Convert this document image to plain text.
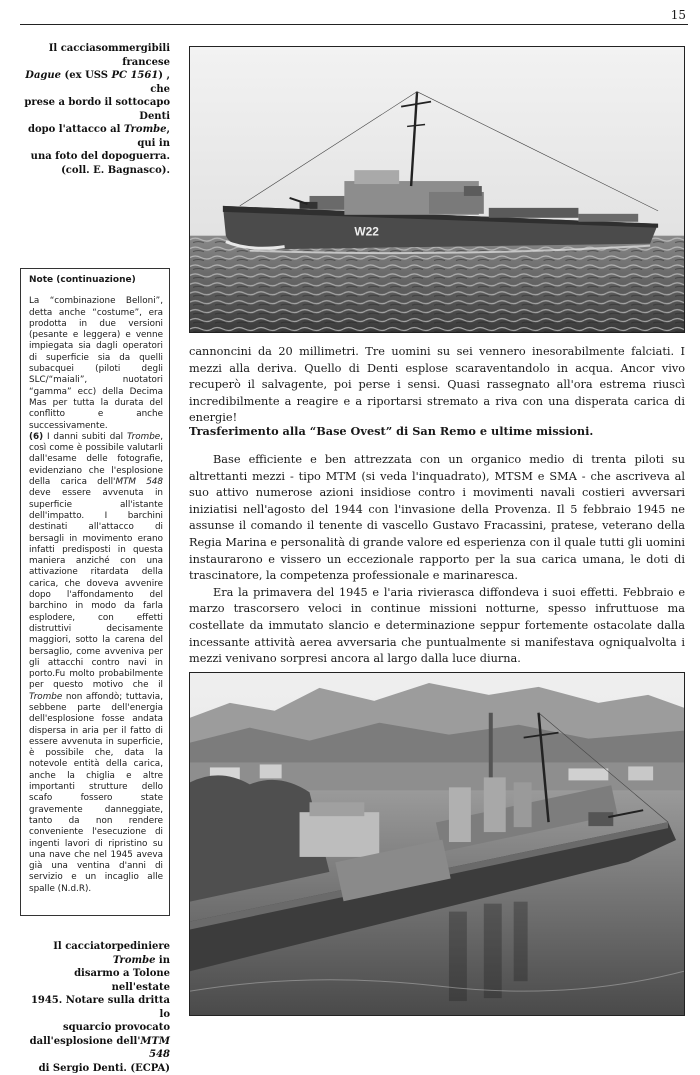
15
Il cacciasommergibili francese
Dague (ex USS PC 1561) , che
prese a bordo il sottocapo Denti
dopo l'attacco al Trombe, qui in
una foto del dopoguerra.
(coll. E. Bagnasco).
Note (continuazione)

La “combinazione Belloni”, detta anche “costume”, era prodotta in due versioni (pesante e leggera) e venne impiegata sia dagli operatori di superficie sia da quelli subacquei (piloti degli SLC/“maiali”, nuotatori “gamma” ecc) della Decima Mas per tutta la durata del conflitto e anche successivamente.

(6) I danni subiti dal Trombe, così come è possibile valutarli dall'esame delle fotografie, evidenziano che l'esplosione della carica dell'MTM 548 deve essere avvenuta in superficie all'istante dell'impatto. I barchini destinati all'attacco di bersagli in movimento erano infatti predisposti in questa maniera anziché con una attivazione ritardata della carica, che doveva avvenire dopo l'affondamento del barchino in modo da farla esplodere, con effetti distruttivi decisamente maggiori, sotto la carena del bersaglio, come avveniva per gli attacchi contro navi in porto.Fu molto probabilmente per questo motivo che il Trombe non affondò; tuttavia, sebbene parte dell'energia dell'esplosione fosse andata dispersa in aria per il fatto di essere avvenuta in superficie, è possibile che, data la notevole entità della carica, anche la chiglia e altre importanti strutture dello scafo fossero state gravemente danneggiate, tanto da non rendere conveniente l'esecuzione di ingenti lavori di ripristino su una nave che nel 1945 aveva già una ventina d'anni di servizio e un incaglio alle spalle (N.d.R).

W22

cannoncini da 20 millimetri. Tre uomini su sei vennero inesorabilmente falciati. I mezzi alla deriva. Quello di Denti esplose scaraventandolo in acqua. Ancor vivo recuperò il salvagente, poi perse i sensi. Quasi rassegnato all'ora estrema riuscì incredibilmente a reagire e a riportarsi stremato a riva con una disperata carica di energie!

Trasferimento alla “Base Ovest” di San Remo e ultime missioni.

Base efficiente e ben attrezzata con un organico medio di trenta piloti su altrettanti mezzi - tipo MTM (si veda l'inquadrato), MTSM e SMA - che ascriveva al suo attivo numerose azioni insidiose contro i movimenti navali costieri avversari iniziatisi nell'agosto del 1944 con l'invasione della Provenza. Il 5 febbraio 1945 ne assunse il comando il tenente di vascello Gustavo Fracassini, pratese, veterano della Regia Marina e personalità di grande valore ed esperienza con il quale tutti gli uomini instaurarono e vissero un eccezionale rapporto per la sua carica umana, le doti di trascinatore, la competenza professionale e marinaresca.

Era la primavera del 1945 e l'aria rivierasca diffondeva i suoi effetti. Febbraio e marzo trascorsero veloci in continue missioni notturne, spesso infruttuose ma costellate da immutato slancio e determinazione seppur fortemente ostacolate dalla incessante attività aerea avversaria che puntualmente si manifestava ogniqualvolta i mezzi venivano sorpresi ancora al largo dalla luce diurna.

Il cacciatorpediniere Trombe in
disarmo a Tolone nell'estate
1945. Notare sulla dritta lo
squarcio provocato
dall'esplosione dell'MTM 548
di Sergio Denti. (ECPA)
